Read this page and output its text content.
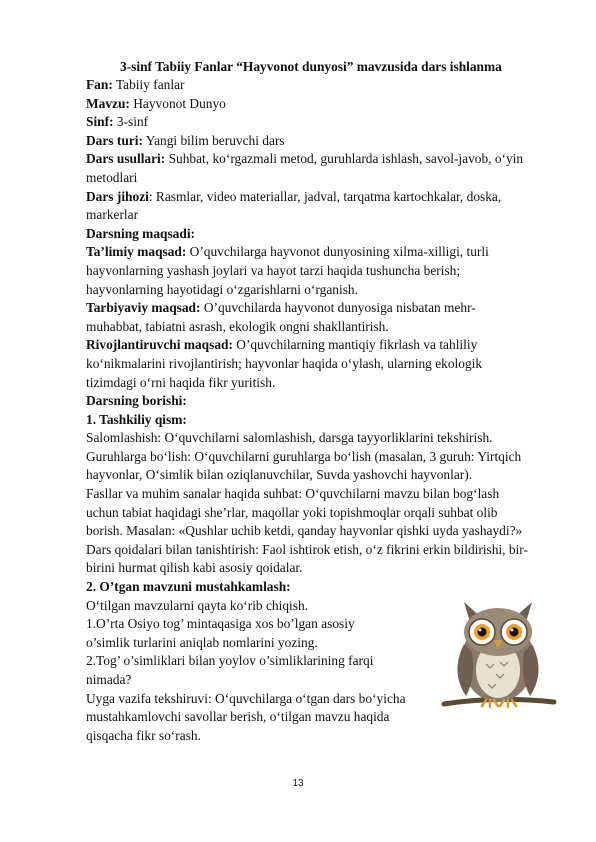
3-sinf Tabiiy Fanlar “Hayvonot dunyosi” mavzusida dars ishlanma
Fan: Tabiiy fanlar
Mavzu: Hayvonot Dunyo
Sinf: 3-sinf
Dars turi: Yangi bilim beruvchi dars
Dars usullari: Suhbat, ko‘rgazmali metod, guruhlarda ishlash, savol-javob, o‘yin
metodlari
Dars jihozi: Rasmlar, video materiallar, jadval, tarqatma kartochkalar, doska,
markerlar
Darsning maqsadi:
Ta’limiy maqsad: O’quvchilarga hayvonot dunyosining xilma-xilligi, turli
hayvonlarning yashash joylari va hayot tarzi haqida tushuncha berish;
hayvonlarning hayotidagi o‘zgarishlarni o‘rganish.
Tarbiyaviy maqsad: O’quvchilarda hayvonot dunyosiga nisbatan mehr-
muhabbat, tabiatni asrash, ekologik ongni shakllantirish.
Rivojlantiruvchi maqsad: O’quvchilarning mantiqiy fikrlash va tahliliy
ko‘nikmalarini rivojlantirish; hayvonlar haqida o‘ylash, ularning ekologik
tizimdagi o‘rni haqida fikr yuritish.
Darsning borishi:
1. Tashkiliy qism:
Salomlashish: O‘quvchilarni salomlashish, darsga tayyorliklarini tekshirish.
Guruhlarga bo‘lish: O‘quvchilarni guruhlarga bo‘lish (masalan, 3 guruh: Yirtqich
hayvonlar, O‘simlik bilan oziqlanuvchilar, Suvda yashovchi hayvonlar).
Fasllar va muhim sanalar haqida suhbat: O‘quvchilarni mavzu bilan bog‘lash
uchun tabiat haqidagi she’rlar, maqollar yoki topishmoqlar orqali suhbat olib
borish. Masalan: «Qushlar uchib ketdi, qanday hayvonlar qishki uyda yashaydi?»
Dars qoidalari bilan tanishtirish: Faol ishtirok etish, o‘z fikrini erkin bildirishi, bir-
birini hurmat qilish kabi asosiy qoidalar.
2. O’tgan mavzuni mustahkamlash:
O‘tilgan mavzularni qayta ko‘rib chiqish.
1.O’rta Osiyo tog’ mintaqasiga xos bo’lgan asosiy
o’simlik turlarini aniqlab nomlarini yozing.
2.Tog’ o’simliklari bilan yoylov o’simliklarining farqi
nimada?
Uyga vazifa tekshiruvi: O‘quvchilarga o‘tgan dars bo‘yicha
mustahkamlovchi savollar berish, o‘tilgan mavzu haqida
qisqacha fikr so‘rash.
13
